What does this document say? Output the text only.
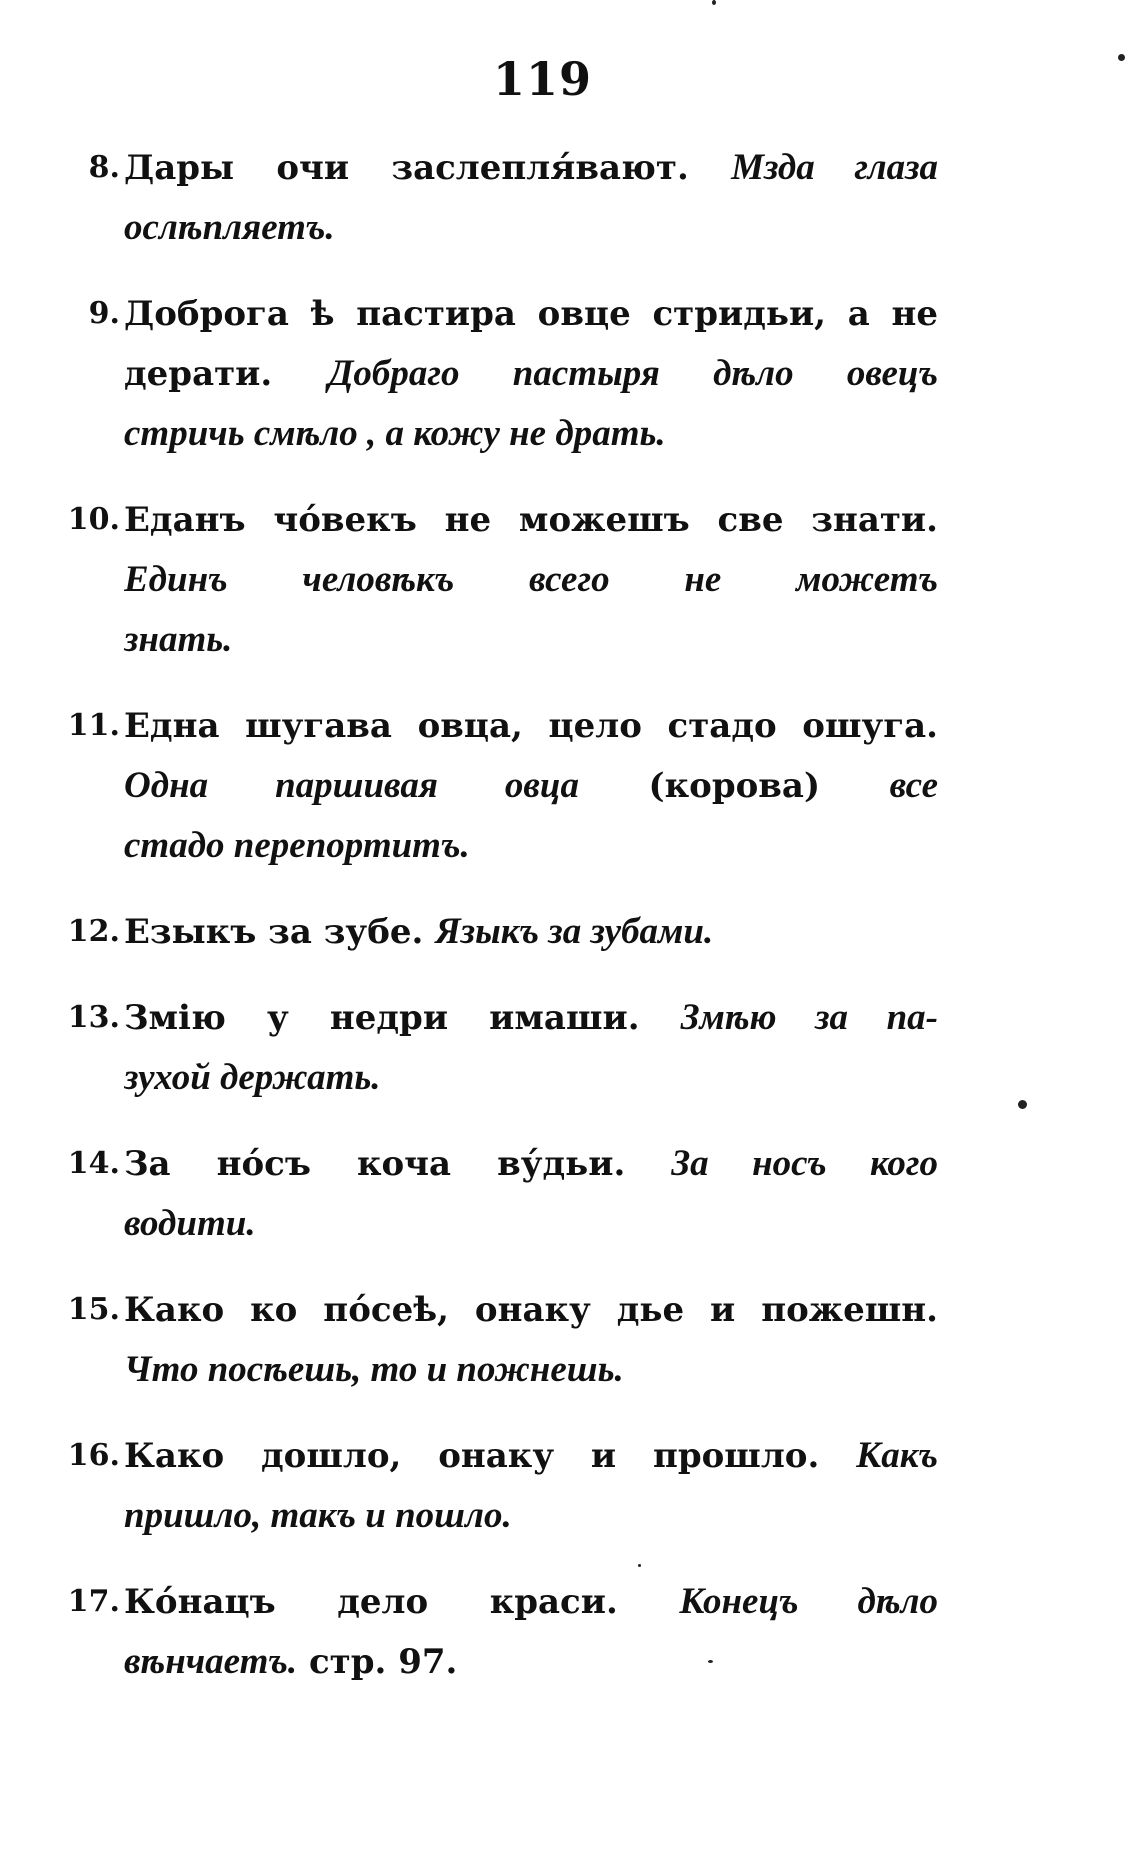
119
8. Дары очи заслепля́вают. Мзда глаза
ослѣпляетъ.
9. Доброга ѣ пастира овце стридьи, а не
дерати. Добраго пастыря дѣло овецъ
стричь смѣло , а кожу не драть.
10. Еданъ чо́векъ не можешъ све знати.
Единъ человѣкъ всего не можетъ
знать.
11. Една шугава овца, цело стадо ошуга.
Одна паршивая овца (корова) все
стадо перепортитъ.
12. Езыкъ за зубе. Языкъ за зубами.
13. Змію у недри имаши. Змѣю за па-
зухой держать.
14. За но́съ коча ву́дьи. За носъ кого
водити.
15. Како ко по́сеѣ, онаку дье и пожешн.
Что посѣешь, то и пожнешь.
16. Како дошло, онаку и прошло. Какъ
пришло, такъ и пошло.
17. Ко́нацъ дело краси. Конецъ дѣло
вѣнчаетъ. стр. 97.
